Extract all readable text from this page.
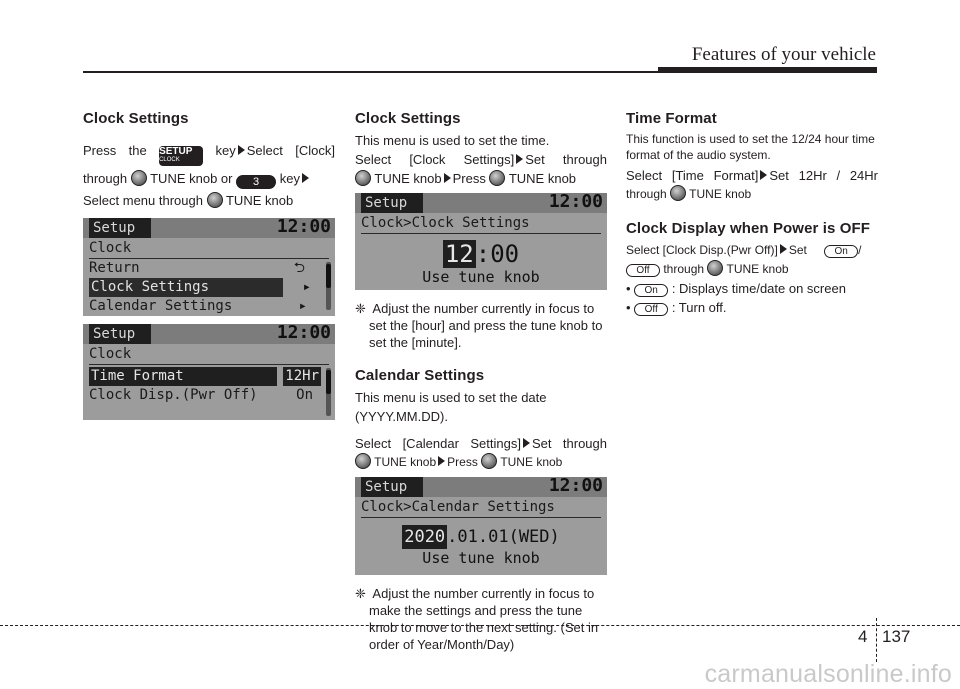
Features of your vehicle
Clock Settings

Press the SETUP
CLOCK
key Select [Clock]

through TUNE knob or 3 key

Select menu through TUNE knob

Setup	12:00
Clock
Return	⮌
Clock Settings	▸
Calendar Settings	▸
Setup	12:00
Clock
Time Format	12Hr
Clock Disp.(Pwr Off)	On
Clock Settings

This menu is used to set the time.

Select [Clock Settings] Set through

TUNE knob Press TUNE knob

Setup	12:00
Clock>Clock Settings
12:00
Use tune knob

❈ Adjust the number currently in focus to set the [hour] and press the tune knob to set the [minute].

Calendar Settings

This menu is used to set the date (YYYY.MM.DD).

Select [Calendar Settings] Set through

TUNE knob Press TUNE knob

Setup	12:00
Clock>Calendar Settings
2020 .01.01(WED)
Use tune knob

❈ Adjust the number currently in focus to make the settings and press the tune knob to move to the next setting. (Set in order of Year/Month/Day)

Time Format

This function is used to set the 12/24 hour time format of the audio system.

Select [Time Format] Set 12Hr / 24Hr

through TUNE knob

Clock Display when Power is OFF

Select [Clock Disp.(Pwr Off)] Set	On /

Off through TUNE knob

• On : Displays time/date on screen

• Off : Turn off.

4 137
carmanualsonline.info
